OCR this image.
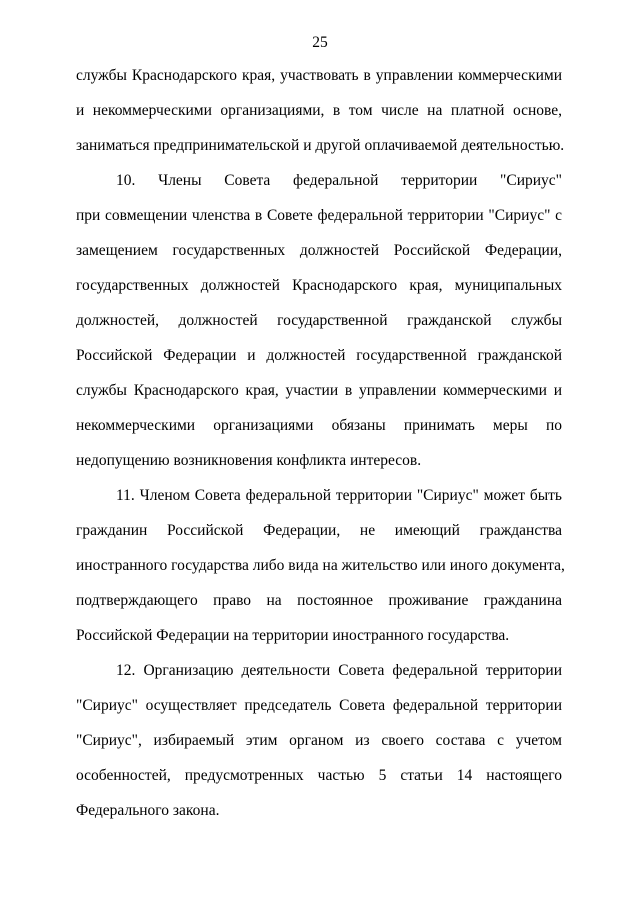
25
службы Краснодарского края, участвовать в управлении коммерческими
и некоммерческими организациями, в том числе на платной основе,
заниматься предпринимательской и другой оплачиваемой деятельностью.
10. Члены Совета федеральной территории "Сириус"
при совмещении членства в Совете федеральной территории "Сириус" с
замещением государственных должностей Российской Федерации,
государственных должностей Краснодарского края, муниципальных
должностей, должностей государственной гражданской службы
Российской Федерации и должностей государственной гражданской
службы Краснодарского края, участии в управлении коммерческими и
некоммерческими организациями обязаны принимать меры по
недопущению возникновения конфликта интересов.
11. Членом Совета федеральной территории "Сириус" может быть
гражданин Российской Федерации, не имеющий гражданства
иностранного государства либо вида на жительство или иного документа,
подтверждающего право на постоянное проживание гражданина
Российской Федерации на территории иностранного государства.
12. Организацию деятельности Совета федеральной территории
"Сириус" осуществляет председатель Совета федеральной территории
"Сириус", избираемый этим органом из своего состава с учетом
особенностей, предусмотренных частью 5 статьи 14 настоящего
Федерального закона.
